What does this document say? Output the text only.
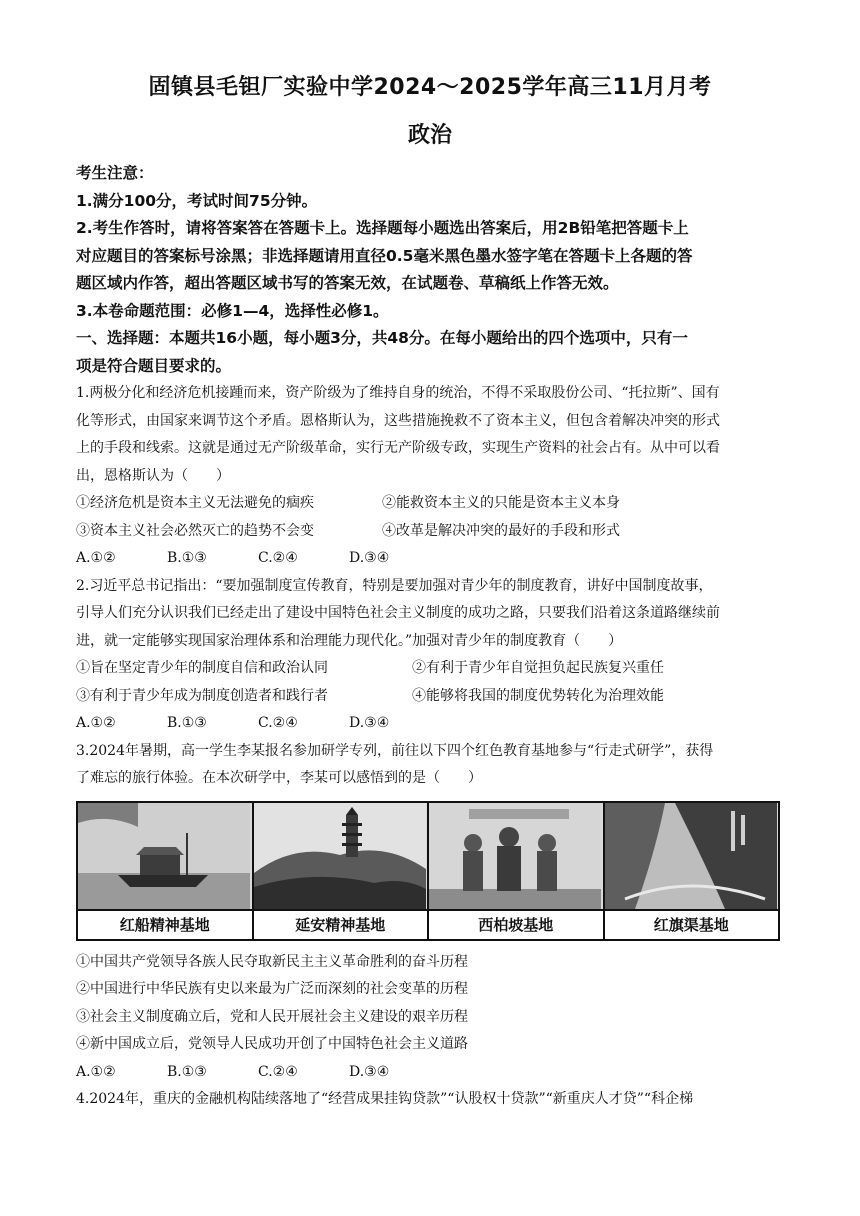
固镇县毛钽厂实验中学2024～2025学年高三11月月考
政治
考生注意：
1.满分100分，考试时间75分钟。
2.考生作答时，请将答案答在答题卡上。选择题每小题选出答案后，用2B铅笔把答题卡上
对应题目的答案标号涂黑；非选择题请用直径0.5毫米黑色墨水签字笔在答题卡上各题的答
题区域内作答，超出答题区域书写的答案无效，在试题卷、草稿纸上作答无效。
3.本卷命题范围：必修1—4，选择性必修1。
一、选择题：本题共16小题，每小题3分，共48分。在每小题给出的四个选项中，只有一
项是符合题目要求的。
1.两极分化和经济危机接踵而来，资产阶级为了维持自身的统治，不得不采取股份公司、“托拉斯”、国有
化等形式，由国家来调节这个矛盾。恩格斯认为，这些措施挽救不了资本主义，但包含着解决冲突的形式
上的手段和线索。这就是通过无产阶级革命，实行无产阶级专政，实现生产资料的社会占有。从中可以看
出，恩格斯认为（　　）
①经济危机是资本主义无法避免的痼疾	②能救资本主义的只能是资本主义本身
③资本主义社会必然灭亡的趋势不会变	④改革是解决冲突的最好的手段和形式
A.①②	B.①③	C.②④	D.③④
2.习近平总书记指出：“要加强制度宣传教育，特别是要加强对青少年的制度教育，讲好中国制度故事，
引导人们充分认识我们已经走出了建设中国特色社会主义制度的成功之路，只要我们沿着这条道路继续前
进，就一定能够实现国家治理体系和治理能力现代化。”加强对青少年的制度教育（　　）
①旨在坚定青少年的制度自信和政治认同	②有利于青少年自觉担负起民族复兴重任
③有利于青少年成为制度创造者和践行者	④能够将我国的制度优势转化为治理效能
A.①②	B.①③	C.②④	D.③④
3.2024年暑期，高一学生李某报名参加研学专列，前往以下四个红色教育基地参与“行走式研学”，获得
了难忘的旅行体验。在本次研学中，李某可以感悟到的是（　　）
红船精神基地	延安精神基地	西柏坡基地	红旗渠基地
①中国共产党领导各族人民夺取新民主主义革命胜利的奋斗历程
②中国进行中华民族有史以来最为广泛而深刻的社会变革的历程
③社会主义制度确立后，党和人民开展社会主义建设的艰辛历程
④新中国成立后，党领导人民成功开创了中国特色社会主义道路
A.①②	B.①③	C.②④	D.③④
4.2024年，重庆的金融机构陆续落地了“经营成果挂钩贷款”“认股权十贷款”“新重庆人才贷”“科企梯
